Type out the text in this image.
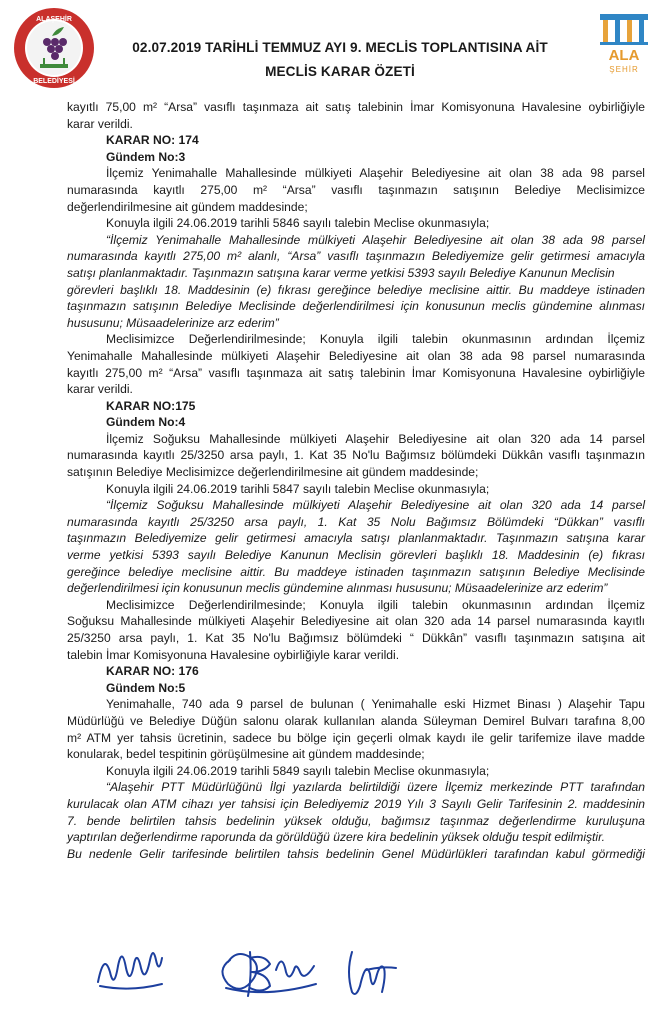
ALAŞEHİR
BELEDİYESİ
ALA
ŞEHİR
02.07.2019 TARİHLİ TEMMUZ AYI 9. MECLİS TOPLANTISINA AİT
MECLİS KARAR ÖZETİ

kayıtlı 75,00 m² “Arsa” vasıflı taşınmaza ait satış talebinin İmar Komisyonuna Havalesine oybirliğiyle

karar verildi.

KARAR NO: 174

Gündem No:3

İlçemiz Yenimahalle Mahallesinde mülkiyeti Alaşehir Belediyesine ait olan 38 ada 98 parsel

numarasında kayıtlı 275,00 m² “Arsa” vasıflı taşınmazın satışının Belediye Meclisimizce

değerlendirilmesine ait gündem maddesinde;

Konuyla ilgili 24.06.2019 tarihli 5846 sayılı talebin Meclise okunmasıyla;

“İlçemiz Yenimahalle Mahallesinde mülkiyeti Alaşehir Belediyesine ait olan 38 ada 98 parsel

numarasında kayıtlı 275,00 m² alanlı, “Arsa” vasıflı taşınmazın Belediyemize gelir getirmesi amacıyla

satışı planlanmaktadır. Taşınmazın satışına karar verme yetkisi 5393 sayılı Belediye Kanunun Meclisin

görevleri başlıklı 18. Maddesinin (e) fıkrası gereğince belediye meclisine aittir. Bu maddeye istinaden

taşınmazın satışının Belediye Meclisinde değerlendirilmesi için konusunun meclis gündemine alınması

hususunu; Müsaadelerinize arz ederim”

Meclisimizce Değerlendirilmesinde; Konuyla ilgili talebin okunmasının ardından İlçemiz

Yenimahalle Mahallesinde mülkiyeti Alaşehir Belediyesine ait olan 38 ada 98 parsel numarasında

kayıtlı 275,00 m² “Arsa” vasıflı taşınmaza ait satış talebinin İmar Komisyonuna Havalesine oybirliğiyle

karar verildi.

KARAR NO:175

Gündem No:4

İlçemiz Soğuksu Mahallesinde mülkiyeti Alaşehir Belediyesine ait olan 320 ada 14 parsel

numarasında kayıtlı 25/3250 arsa paylı, 1. Kat 35 No'lu Bağımsız bölümdeki Dükkân vasıflı taşınmazın

satışının Belediye Meclisimizce değerlendirilmesine ait gündem maddesinde;

Konuyla ilgili 24.06.2019 tarihli 5847 sayılı talebin Meclise okunmasıyla;

“İlçemiz Soğuksu Mahallesinde mülkiyeti Alaşehir Belediyesine ait olan 320 ada 14 parsel

numarasında kayıtlı 25/3250 arsa paylı, 1. Kat 35 Nolu Bağımsız Bölümdeki “Dükkan” vasıflı

taşınmazın Belediyemize gelir getirmesi amacıyla satışı planlanmaktadır. Taşınmazın satışına karar

verme yetkisi 5393 sayılı Belediye Kanunun Meclisin görevleri başlıklı 18. Maddesinin (e) fıkrası

gereğince belediye meclisine aittir. Bu maddeye istinaden taşınmazın satışının Belediye Meclisinde

değerlendirilmesi için konusunun meclis gündemine alınması hususunu; Müsaadelerinize arz ederim”

Meclisimizce Değerlendirilmesinde; Konuyla ilgili talebin okunmasının ardından İlçemiz

Soğuksu Mahallesinde mülkiyeti Alaşehir Belediyesine ait olan 320 ada 14 parsel numarasında kayıtlı

25/3250 arsa paylı, 1. Kat 35 No'lu Bağımsız bölümdeki “ Dükkân” vasıflı taşınmazın satışına ait

talebin İmar Komisyonuna Havalesine oybirliğiyle karar verildi.

KARAR NO: 176

Gündem No:5

Yenimahalle, 740 ada 9 parsel de bulunan ( Yenimahalle eski Hizmet Binası ) Alaşehir Tapu

Müdürlüğü ve Belediye Düğün salonu olarak kullanılan alanda Süleyman Demirel Bulvarı tarafına 8,00

m² ATM yer tahsis ücretinin, sadece bu bölge için geçerli olmak kaydı ile gelir tarifemize ilave madde

konularak, bedel tespitinin görüşülmesine ait gündem maddesinde;

Konuyla ilgili 24.06.2019 tarihli 5849 sayılı talebin Meclise okunmasıyla;

“Alaşehir PTT Müdürlüğünü İlgi yazılarda belirtildiği üzere İlçemiz merkezinde PTT tarafından

kurulacak olan ATM cihazı yer tahsisi için Belediyemiz 2019 Yılı 3 Sayılı Gelir Tarifesinin 2. maddesinin

7. bende belirtilen tahsis bedelinin yüksek olduğu, bağımsız taşınmaz değerlendirme kuruluşuna

yaptırılan değerlendirme raporunda da görüldüğü üzere kira bedelinin yüksek olduğu tespit edilmiştir.

Bu nedenle Gelir tarifesinde belirtilen tahsis bedelinin Genel Müdürlükleri tarafından kabul görmediği
